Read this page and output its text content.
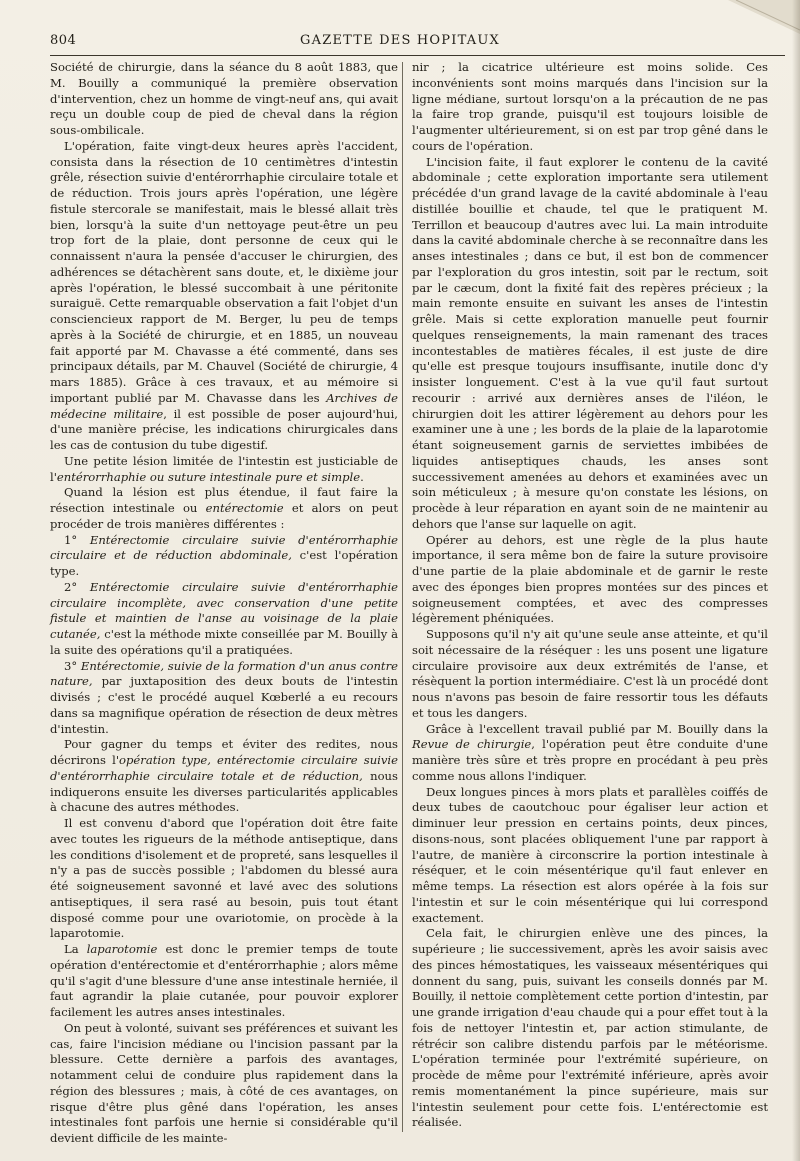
804	GAZETTE DES HOPITAUX

Société de chirurgie, dans la séance du 8 août 1883, que M. Bouilly a communiqué la première observation d'intervention, chez un homme de vingt-neuf ans, qui avait reçu un double coup de pied de cheval dans la région sous-ombilicale.

L'opération, faite vingt-deux heures après l'accident, consista dans la résection de 10 centimètres d'intestin grêle, résection suivie d'entérorrhaphie circulaire totale et de réduction. Trois jours après l'opération, une légère fistule stercorale se manifestait, mais le blessé allait très bien, lorsqu'à la suite d'un nettoyage peut-être un peu trop fort de la plaie, dont personne de ceux qui le connaissent n'aura la pensée d'accuser le chirurgien, des adhérences se détachèrent sans doute, et, le dixième jour après l'opération, le blessé succombait à une péritonite suraiguë. Cette remarquable observation a fait l'objet d'un consciencieux rapport de M. Berger, lu peu de temps après à la Société de chirurgie, et en 1885, un nouveau fait apporté par M. Chavasse a été commenté, dans ses principaux détails, par M. Chauvel (Société de chirurgie, 4 mars 1885). Grâce à ces travaux, et au mémoire si important publié par M. Chavasse dans les Archives de médecine militaire, il est possible de poser aujourd'hui, d'une manière précise, les indications chirurgicales dans les cas de contusion du tube digestif.

Une petite lésion limitée de l'intestin est justiciable de l'entérorrhaphie ou suture intestinale pure et simple.

Quand la lésion est plus étendue, il faut faire la résection intestinale ou entérectomie et alors on peut procéder de trois manières différentes :

1° Entérectomie circulaire suivie d'entérorrhaphie circulaire et de réduction abdominale, c'est l'opération type.

2° Entérectomie circulaire suivie d'entérorrhaphie circulaire incomplète, avec conservation d'une petite fistule et maintien de l'anse au voisinage de la plaie cutanée, c'est la méthode mixte conseillée par M. Bouilly à la suite des opérations qu'il a pratiquées.

3° Entérectomie, suivie de la formation d'un anus contre nature, par juxtaposition des deux bouts de l'intestin divisés ; c'est le procédé auquel Kœberlé a eu recours dans sa magnifique opération de résection de deux mètres d'intestin.

Pour gagner du temps et éviter des redites, nous décrirons l'opération type, entérectomie circulaire suivie d'entérorrhaphie circulaire totale et de réduction, nous indiquerons ensuite les diverses particularités applicables à chacune des autres méthodes.

Il est convenu d'abord que l'opération doit être faite avec toutes les rigueurs de la méthode antiseptique, dans les conditions d'isolement et de propreté, sans lesquelles il n'y a pas de succès possible ; l'abdomen du blessé aura été soigneusement savonné et lavé avec des solutions antiseptiques, il sera rasé au besoin, puis tout étant disposé comme pour une ovariotomie, on procède à la laparotomie.

La laparotomie est donc le premier temps de toute opération d'entérectomie et d'entérorrhaphie ; alors même qu'il s'agit d'une blessure d'une anse intestinale herniée, il faut agrandir la plaie cutanée, pour pouvoir explorer facilement les autres anses intestinales.

On peut à volonté, suivant ses préférences et suivant les cas, faire l'incision médiane ou l'incision passant par la blessure. Cette dernière a parfois des avantages, notamment celui de conduire plus rapidement dans la région des blessures ; mais, à côté de ces avantages, on risque d'être plus gêné dans l'opération, les anses intestinales font parfois une hernie si considérable qu'il devient difficile de les mainte-

nir ; la cicatrice ultérieure est moins solide. Ces inconvénients sont moins marqués dans l'incision sur la ligne médiane, surtout lorsqu'on a la précaution de ne pas la faire trop grande, puisqu'il est toujours loisible de l'augmenter ultérieurement, si on est par trop gêné dans le cours de l'opération.

L'incision faite, il faut explorer le contenu de la cavité abdominale ; cette exploration importante sera utilement précédée d'un grand lavage de la cavité abdominale à l'eau distillée bouillie et chaude, tel que le pratiquent M. Terrillon et beaucoup d'autres avec lui. La main introduite dans la cavité abdominale cherche à se reconnaître dans les anses intestinales ; dans ce but, il est bon de commencer par l'exploration du gros intestin, soit par le rectum, soit par le cæcum, dont la fixité fait des repères précieux ; la main remonte ensuite en suivant les anses de l'intestin grêle. Mais si cette exploration manuelle peut fournir quelques renseignements, la main ramenant des traces incontestables de matières fécales, il est juste de dire qu'elle est presque toujours insuffisante, inutile donc d'y insister longuement. C'est à la vue qu'il faut surtout recourir : arrivé aux dernières anses de l'iléon, le chirurgien doit les attirer légèrement au dehors pour les examiner une à une ; les bords de la plaie de la laparotomie étant soigneusement garnis de serviettes imbibées de liquides antiseptiques chauds, les anses sont successivement amenées au dehors et examinées avec un soin méticuleux ; à mesure qu'on constate les lésions, on procède à leur réparation en ayant soin de ne maintenir au dehors que l'anse sur laquelle on agit.

Opérer au dehors, est une règle de la plus haute importance, il sera même bon de faire la suture provisoire d'une partie de la plaie abdominale et de garnir le reste avec des éponges bien propres montées sur des pinces et soigneusement comptées, et avec des compresses légèrement phéniquées.

Supposons qu'il n'y ait qu'une seule anse atteinte, et qu'il soit nécessaire de la réséquer : les uns posent une ligature circulaire provisoire aux deux extrémités de l'anse, et résèquent la portion intermédiaire. C'est là un procédé dont nous n'avons pas besoin de faire ressortir tous les défauts et tous les dangers.

Grâce à l'excellent travail publié par M. Bouilly dans la Revue de chirurgie, l'opération peut être conduite d'une manière très sûre et très propre en procédant à peu près comme nous allons l'indiquer.

Deux longues pinces à mors plats et parallèles coiffés de deux tubes de caoutchouc pour égaliser leur action et diminuer leur pression en certains points, deux pinces, disons-nous, sont placées obliquement l'une par rapport à l'autre, de manière à circonscrire la portion intestinale à réséquer, et le coin mésentérique qu'il faut enlever en même temps. La résection est alors opérée à la fois sur l'intestin et sur le coin mésentérique qui lui correspond exactement.

Cela fait, le chirurgien enlève une des pinces, la supérieure ; lie successivement, après les avoir saisis avec des pinces hémostatiques, les vaisseaux mésentériques qui donnent du sang, puis, suivant les conseils donnés par M. Bouilly, il nettoie complètement cette portion d'intestin, par une grande irrigation d'eau chaude qui a pour effet tout à la fois de nettoyer l'intestin et, par action stimulante, de rétrécir son calibre distendu parfois par le météorisme. L'opération terminée pour l'extrémité supérieure, on procède de même pour l'extrémité inférieure, après avoir remis momentanément la pince supérieure, mais sur l'intestin seulement pour cette fois. L'entérectomie est réalisée.
